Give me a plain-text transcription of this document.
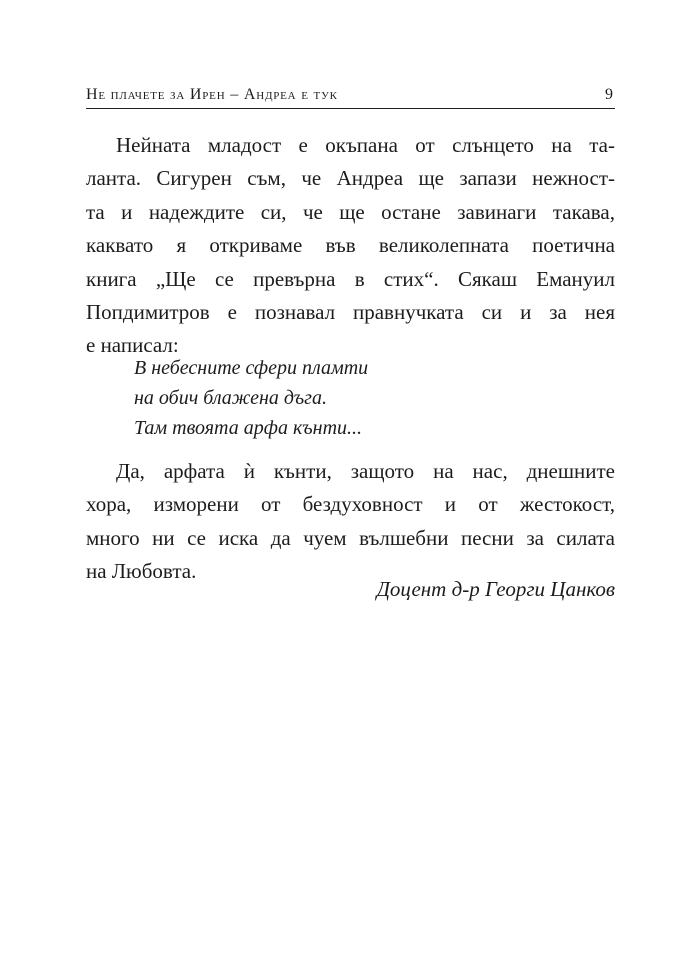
Не плачете за Ирен – Андреа е тук	9
Нейната младост е окъпана от слънцето на та-
ланта. Сигурен съм, че Андреа ще запази нежност-
та и надеждите си, че ще остане завинаги такава,
каквато я откриваме във великолепната поетична
книга „Ще се превърна в стих“. Сякаш Емануил
Попдимитров е познавал правнучката си и за нея
е написал:
В небесните сфери пламти
на обич блажена дъга.
Там твоята арфа кънти...
Да, арфата ѝ кънти, защото на нас, днешните
хора, изморени от бездуховност и от жестокост,
много ни се иска да чуем вълшебни песни за силата
на Любовта.
Доцент д-р Георги Цанков
